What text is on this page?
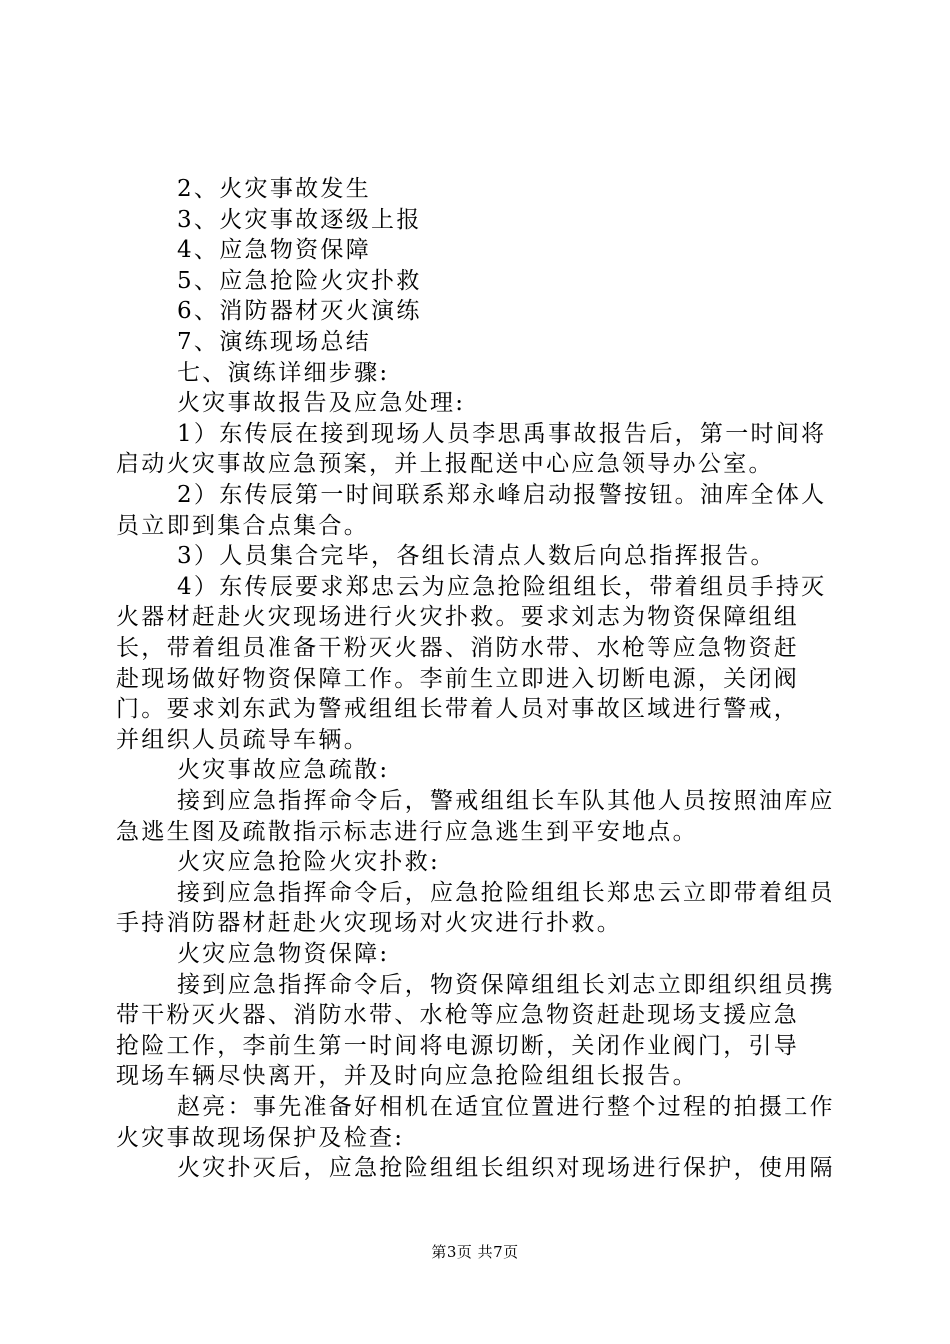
2、火灾事故发生
3、火灾事故逐级上报
4、应急物资保障
5、应急抢险火灾扑救
6、消防器材灭火演练
7、演练现场总结
七、演练详细步骤:
火灾事故报告及应急处理:
1）东传辰在接到现场人员李思禹事故报告后，第一时间将
启动火灾事故应急预案，并上报配送中心应急领导办公室。
2）东传辰第一时间联系郑永峰启动报警按钮。油库全体人
员立即到集合点集合。
3）人员集合完毕，各组长清点人数后向总指挥报告。
4）东传辰要求郑忠云为应急抢险组组长，带着组员手持灭
火器材赶赴火灾现场进行火灾扑救。要求刘志为物资保障组组
长，带着组员准备干粉灭火器、消防水带、水枪等应急物资赶
赴现场做好物资保障工作。李前生立即进入切断电源，关闭阀
门。要求刘东武为警戒组组长带着人员对事故区域进行警戒，
并组织人员疏导车辆。
火灾事故应急疏散:
接到应急指挥命令后，警戒组组长车队其他人员按照油库应
急逃生图及疏散指示标志进行应急逃生到平安地点。
火灾应急抢险火灾扑救:
接到应急指挥命令后，应急抢险组组长郑忠云立即带着组员
手持消防器材赶赴火灾现场对火灾进行扑救。
火灾应急物资保障:
接到应急指挥命令后，物资保障组组长刘志立即组织组员携
带干粉灭火器、消防水带、水枪等应急物资赶赴现场支援应急
抢险工作，李前生第一时间将电源切断，关闭作业阀门，引导
现场车辆尽快离开，并及时向应急抢险组组长报告。
赵亮：事先准备好相机在适宜位置进行整个过程的拍摄工作
火灾事故现场保护及检查:
火灾扑灭后，应急抢险组组长组织对现场进行保护，使用隔
第3页 共7页
